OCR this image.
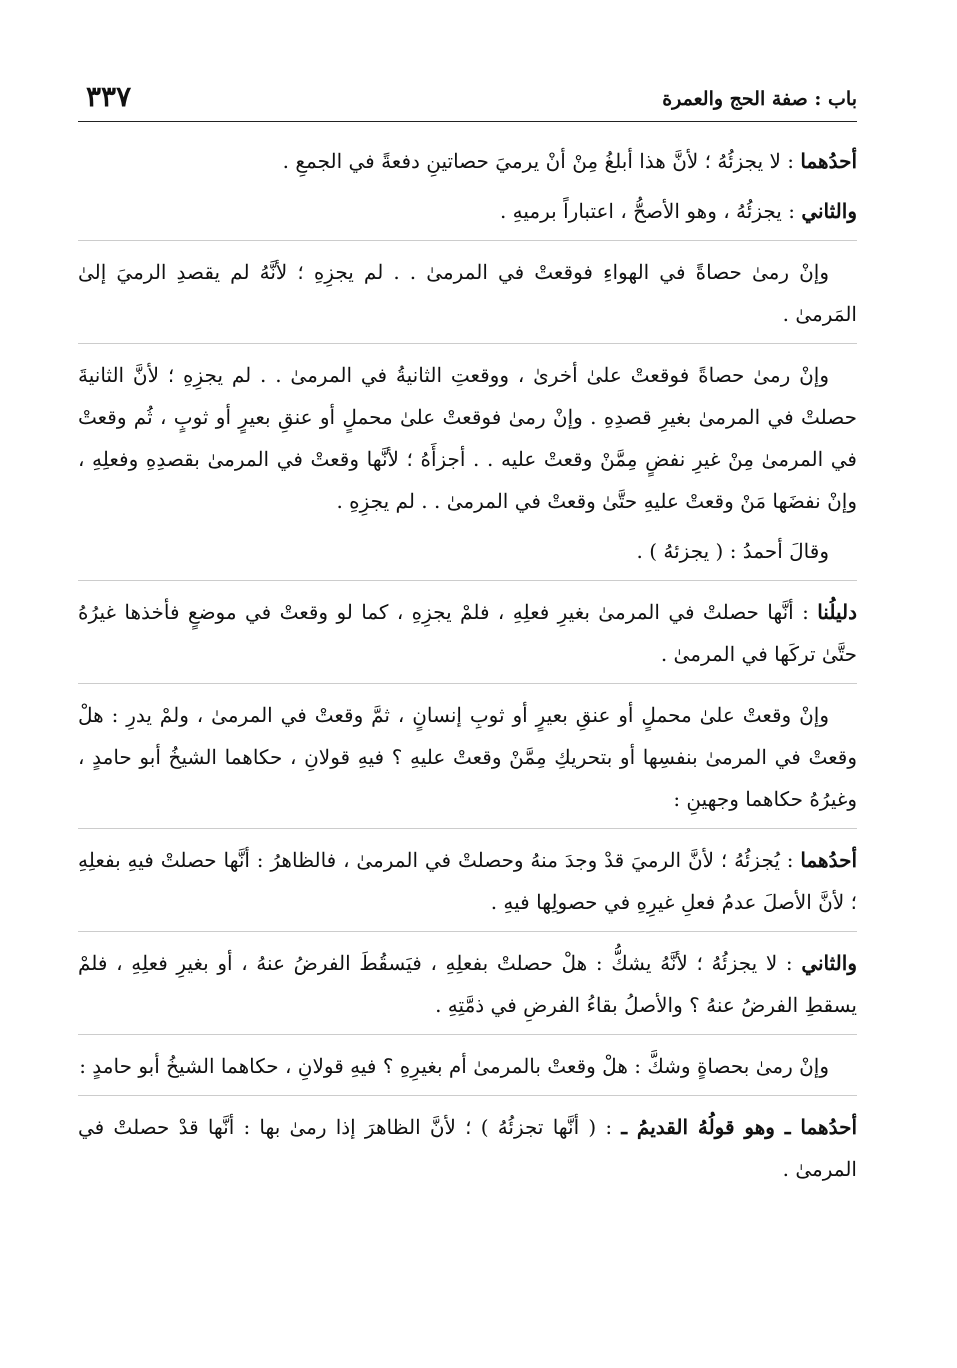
باب : صفة الحج والعمرة
٣٣٧

أحدُهما : لا يجزئُهُ ؛ لأنَّ هذا أبلغُ مِنْ أنْ يرميَ حصاتينِ دفعةً في الجمعِ .

والثاني : يجزئُهُ ، وهو الأصحُّ ، اعتباراً برميهِ .

وإنْ رمىٰ حصاةً في الهواءِ فوقعتْ في المرمىٰ . . لم يجزِهِ ؛ لأنَّهُ لم يقصدِ الرميَ إلىٰ المَرمىٰ .

وإنْ رمىٰ حصاةً فوقعتْ علىٰ أخرىٰ ، ووقعتِ الثانيةُ في المرمىٰ . . لم يجزِهِ ؛ لأنَّ الثانيةَ حصلتْ في المرمىٰ بغيرِ قصدِهِ . وإنْ رمىٰ فوقعتْ علىٰ محملٍ أو عنقِ بعيرٍ أو ثوبٍ ، ثُم وقعتْ في المرمىٰ مِنْ غيرِ نفضٍ مِمَّنْ وقعتْ عليه . . أجزأَهُ ؛ لأنَّها وقعتْ في المرمىٰ بقصدِهِ وفعلِهِ ، وإنْ نفضَها مَنْ وقعتْ عليهِ حتَّىٰ وقعتْ في المرمىٰ . . لم يجزِهِ .

وقالَ أحمدُ : ( يجزئهُ ) .

دليلُنا : أنَّها حصلتْ في المرمىٰ بغيرِ فعلِهِ ، فلمْ يجزِهِ ، كما لو وقعتْ في موضعٍ فأخذها غيرُهُ حتَّىٰ تركَها في المرمىٰ .

وإنْ وقعتْ علىٰ محملٍ أو عنقِ بعيرٍ أو ثوبِ إنسانٍ ، ثمَّ وقعتْ في المرمىٰ ، ولمْ يدرِ : هلْ وقعتْ في المرمىٰ بنفسِها أو بتحريكِ مِمَّنْ وقعتْ عليهِ ؟ فيهِ قولانِ ، حكاهما الشيخُ أبو حامدٍ ، وغيرُهُ حكاهما وجهينِ :

أحدُهما : يُجزئُهُ ؛ لأنَّ الرميَ قدْ وجدَ منهُ وحصلتْ في المرمىٰ ، فالظاهرُ : أنَّها حصلتْ فيهِ بفعلِهِ ؛ لأنَّ الأصلَ عدمُ فعلِ غيرِهِ في حصولِها فيهِ .

والثاني : لا يجزئُهُ ؛ لأنَّهُ يشكُّ : هلْ حصلتْ بفعلِهِ ، فيَسقُطَ الفرضُ عنهُ ، أو بغيرِ فعلِهِ ، فلمْ يسقطِ الفرضُ عنهُ ؟ والأصلُ بقاءُ الفرضِ في ذمَّتِهِ .

وإنْ رمىٰ بحصاةٍ وشكَّ : هلْ وقعتْ بالمرمىٰ أم بغيرِهِ ؟ فيهِ قولانِ ، حكاهما الشيخُ أبو حامدٍ :

أحدُهما ـ وهو قولُهُ القديمُ ـ : ( أنَّها تجزئُهُ ) ؛ لأنَّ الظاهرَ إذا رمىٰ بها : أنَّها قدْ حصلتْ في المرمىٰ .
